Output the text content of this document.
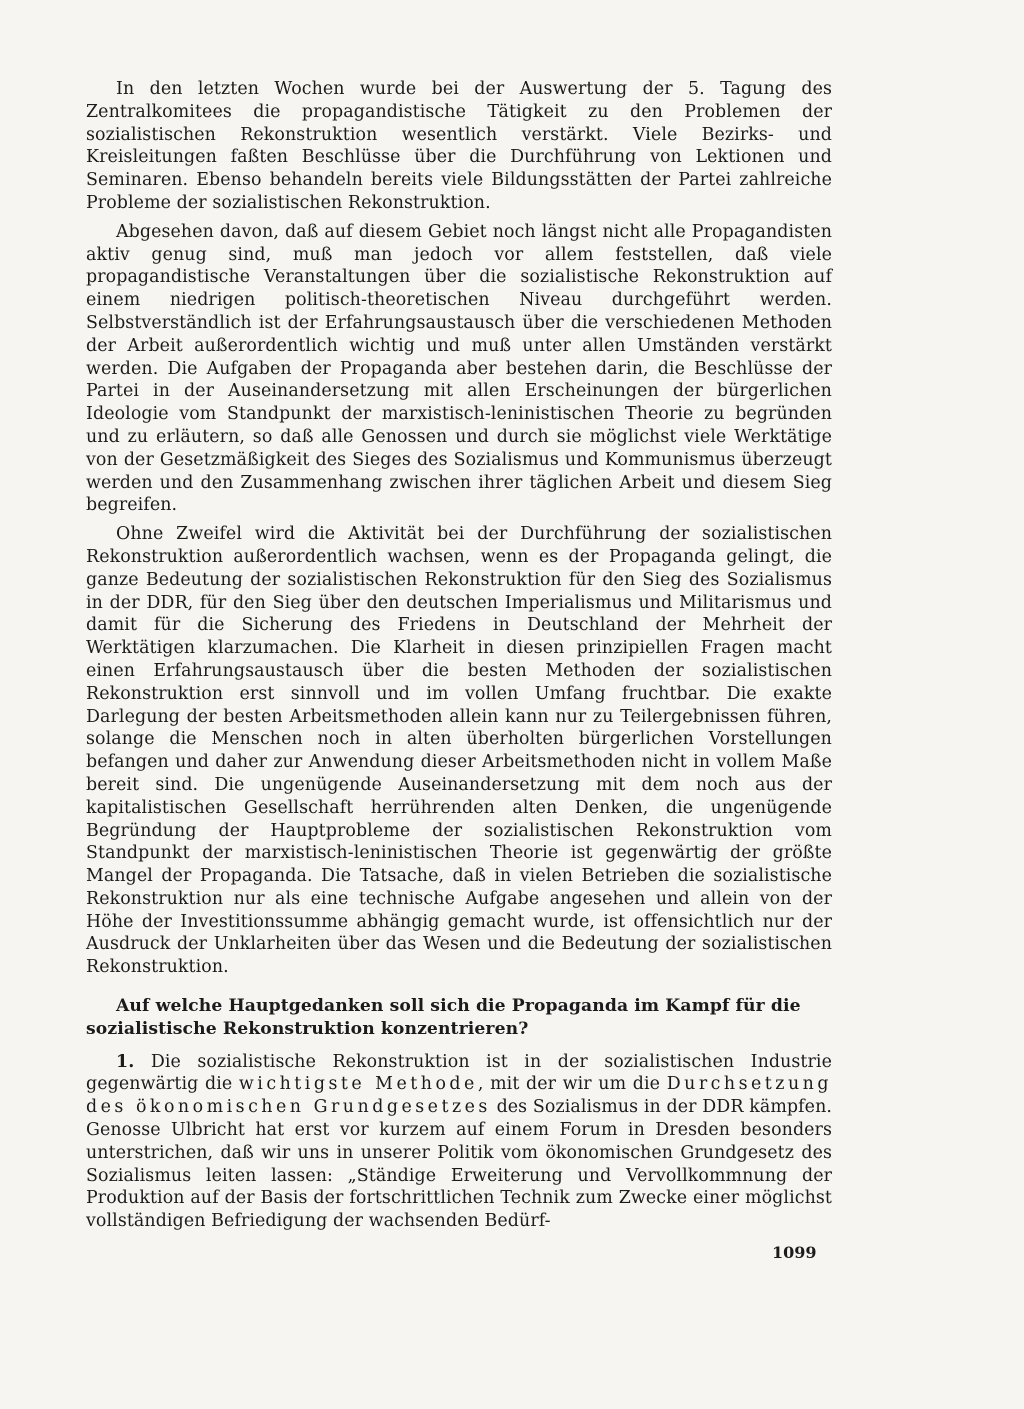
In den letzten Wochen wurde bei der Auswertung der 5. Tagung des Zentralkomitees die propagandistische Tätigkeit zu den Problemen der sozialistischen Rekonstruktion wesentlich verstärkt. Viele Bezirks- und Kreisleitungen faßten Beschlüsse über die Durchführung von Lektionen und Seminaren. Ebenso behandeln bereits viele Bildungsstätten der Partei zahlreiche Probleme der sozialistischen Rekonstruktion.

Abgesehen davon, daß auf diesem Gebiet noch längst nicht alle Propagandisten aktiv genug sind, muß man jedoch vor allem feststellen, daß viele propagandistische Veranstaltungen über die sozialistische Rekonstruktion auf einem niedrigen politisch-theoretischen Niveau durchgeführt werden. Selbstverständlich ist der Erfahrungsaustausch über die verschiedenen Methoden der Arbeit außerordentlich wichtig und muß unter allen Umständen verstärkt werden. Die Aufgaben der Propaganda aber bestehen darin, die Beschlüsse der Partei in der Auseinandersetzung mit allen Erscheinungen der bürgerlichen Ideologie vom Standpunkt der marxistisch-leninistischen Theorie zu begründen und zu erläutern, so daß alle Genossen und durch sie möglichst viele Werktätige von der Gesetzmäßigkeit des Sieges des Sozialismus und Kommunismus überzeugt werden und den Zusammenhang zwischen ihrer täglichen Arbeit und diesem Sieg begreifen.

Ohne Zweifel wird die Aktivität bei der Durchführung der sozialistischen Rekonstruktion außerordentlich wachsen, wenn es der Propaganda gelingt, die ganze Bedeutung der sozialistischen Rekonstruktion für den Sieg des Sozialismus in der DDR, für den Sieg über den deutschen Imperialismus und Militarismus und damit für die Sicherung des Friedens in Deutschland der Mehrheit der Werktätigen klarzumachen. Die Klarheit in diesen prinzipiellen Fragen macht einen Erfahrungsaustausch über die besten Methoden der sozialistischen Rekonstruktion erst sinnvoll und im vollen Umfang fruchtbar. Die exakte Darlegung der besten Arbeitsmethoden allein kann nur zu Teilergebnissen führen, solange die Menschen noch in alten überholten bürgerlichen Vorstellungen befangen und daher zur Anwendung dieser Arbeitsmethoden nicht in vollem Maße bereit sind. Die ungenügende Auseinandersetzung mit dem noch aus der kapitalistischen Gesellschaft herrührenden alten Denken, die ungenügende Begründung der Hauptprobleme der sozialistischen Rekonstruktion vom Standpunkt der marxistisch-leninistischen Theorie ist gegenwärtig der größte Mangel der Propaganda. Die Tatsache, daß in vielen Betrieben die sozialistische Rekonstruktion nur als eine technische Aufgabe angesehen und allein von der Höhe der Investitionssumme abhängig gemacht wurde, ist offensichtlich nur der Ausdruck der Unklarheiten über das Wesen und die Bedeutung der sozialistischen Rekonstruktion.

Auf welche Hauptgedanken soll sich die Propaganda im Kampf für die
sozialistische Rekonstruktion konzentrieren?

1. Die sozialistische Rekonstruktion ist in der sozialistischen Industrie gegenwärtig die wichtigste Methode, mit der wir um die Durchsetzung des ökonomischen Grundgesetzes des Sozialismus in der DDR kämpfen. Genosse Ulbricht hat erst vor kurzem auf einem Forum in Dresden besonders unterstrichen, daß wir uns in unserer Politik vom ökonomischen Grundgesetz des Sozialismus leiten lassen: „Ständige Erweiterung und Vervollkommnung der Produktion auf der Basis der fortschrittlichen Technik zum Zwecke einer möglichst vollständigen Befriedigung der wachsenden Bedürf-

1099
